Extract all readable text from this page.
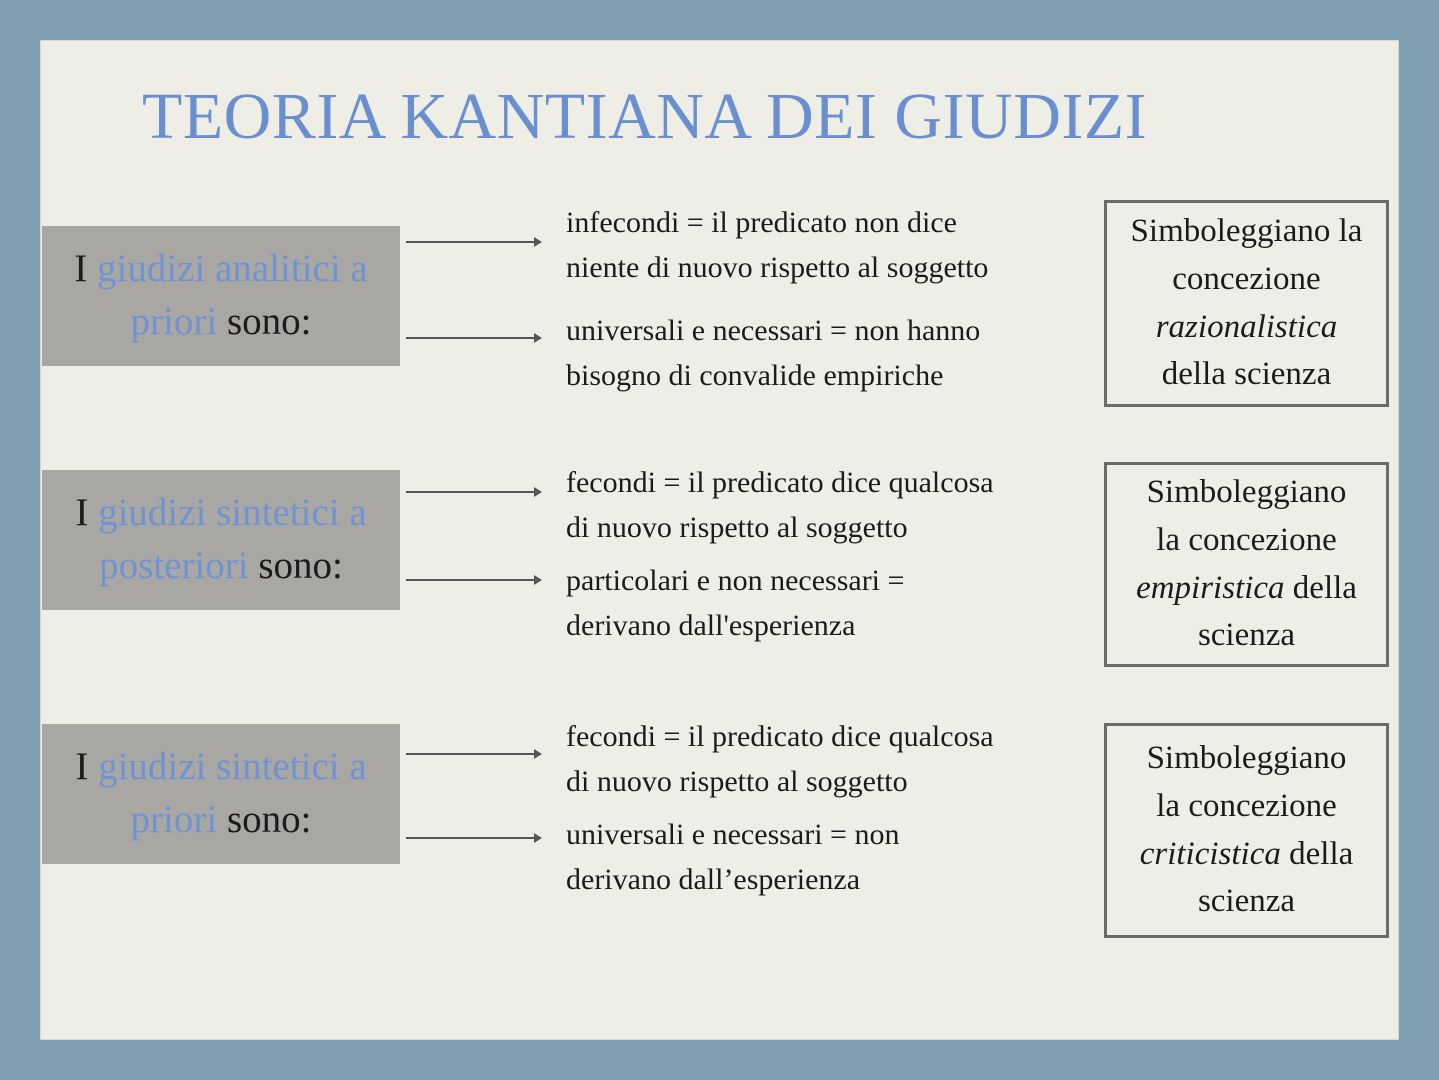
TEORIA KANTIANA DEI GIUDIZI
I giudizi analitici a
priori sono:
infecondi = il predicato non dice
niente di nuovo rispetto al soggetto
universali e necessari = non hanno
bisogno di convalide empiriche
Simboleggiano la
concezione
razionalistica
della scienza
I giudizi sintetici a
posteriori sono:
fecondi = il predicato dice qualcosa
di nuovo rispetto al soggetto
particolari e non necessari =
derivano dall'esperienza
Simboleggiano
la concezione
empiristica della
scienza
I giudizi sintetici a
priori sono:
fecondi = il predicato dice qualcosa
di nuovo rispetto al soggetto
universali e necessari = non
derivano dall’esperienza
Simboleggiano
la concezione
criticistica della
scienza
